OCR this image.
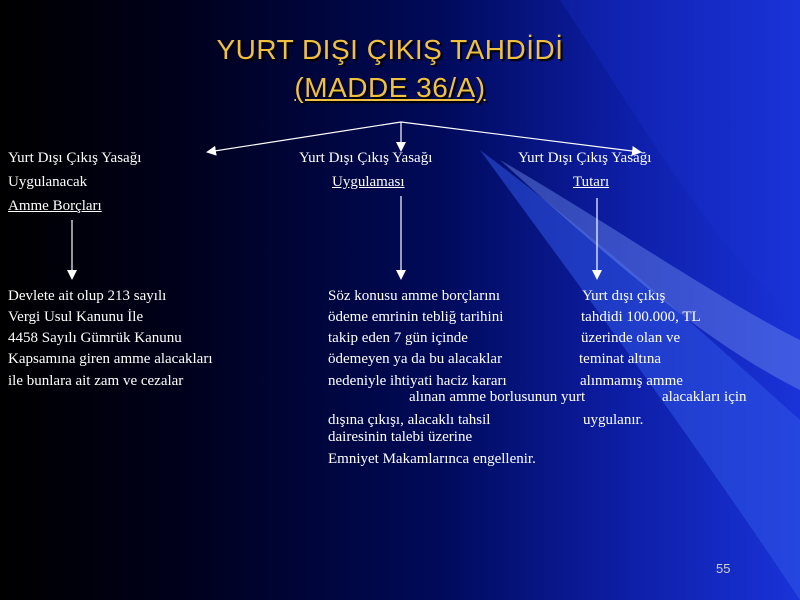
YURT DIŞI ÇIKIŞ TAHDİDİ
(MADDE 36/A)
Yurt Dışı Çıkış Yasağı
Uygulanacak
Amme Borçları
Yurt Dışı Çıkış Yasağı
Uygulaması
Yurt Dışı Çıkış Yasağı
Tutarı
Devlete ait olup 213 sayılı
Vergi Usul Kanunu İle
4458 Sayılı Gümrük Kanunu
Kapsamına giren amme alacakları
ile bunlara ait zam ve cezalar
Söz konusu amme borçlarını
ödeme emrinin tebliğ tarihini
takip eden 7 gün içinde
ödemeyen ya da bu alacaklar
nedeniyle ihtiyati haciz kararı
alınan amme borlusunun yurt
dışına çıkışı, alacaklı tahsil
dairesinin talebi üzerine
Emniyet Makamlarınca engellenir.
Yurt dışı çıkış
tahdidi 100.000, TL
üzerinde olan ve
teminat altına
alınmamış amme
alacakları için
uygulanır.
55
